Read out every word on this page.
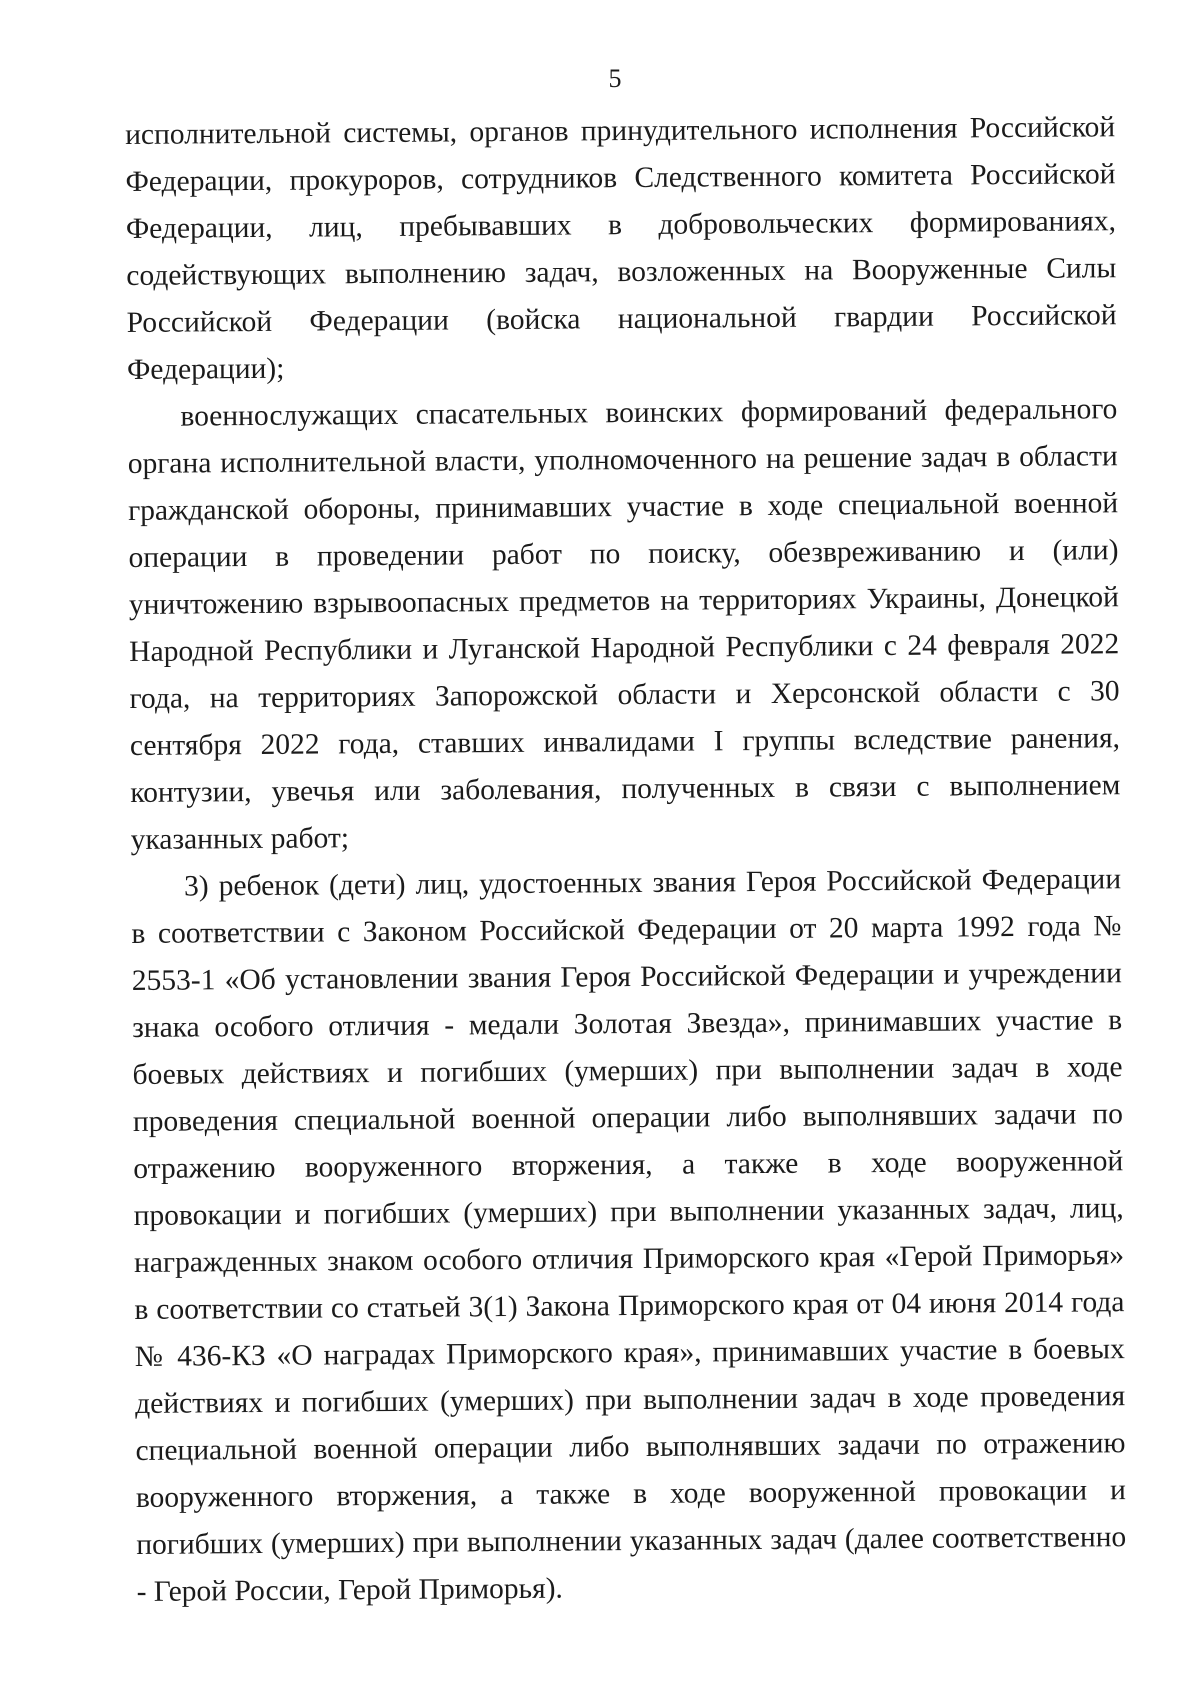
5

исполнительной системы, органов принудительного исполнения Российской Федерации, прокуроров, сотрудников Следственного комитета Российской Федерации, лиц, пребывавших в добровольческих формированиях, содействующих выполнению задач, возложенных на Вооруженные Силы Российской Федерации (войска национальной гвардии Российской Федерации);

военнослужащих спасательных воинских формирований федерального органа исполнительной власти, уполномоченного на решение задач в области гражданской обороны, принимавших участие в ходе специальной военной операции в проведении работ по поиску, обезвреживанию и (или) уничтожению взрывоопасных предметов на территориях Украины, Донецкой Народной Республики и Луганской Народной Республики с 24 февраля 2022 года, на территориях Запорожской области и Херсонской области с 30 сентября 2022 года, ставших инвалидами I группы вследствие ранения, контузии, увечья или заболевания, полученных в связи с выполнением указанных работ;

3) ребенок (дети) лиц, удостоенных звания Героя Российской Федерации в соответствии с Законом Российской Федерации от 20 марта 1992 года № 2553-1 «Об установлении звания Героя Российской Федерации и учреждении знака особого отличия - медали Золотая Звезда», принимавших участие в боевых действиях и погибших (умерших) при выполнении задач в ходе проведения специальной военной операции либо выполнявших задачи по отражению вооруженного вторжения, а также в ходе вооруженной провокации и погибших (умерших) при выполнении указанных задач, лиц, награжденных знаком особого отличия Приморского края «Герой Приморья» в соответствии со статьей 3(1) Закона Приморского края от 04 июня 2014 года № 436-КЗ «О наградах Приморского края», принимавших участие в боевых действиях и погибших (умерших) при выполнении задач в ходе проведения специальной военной операции либо выполнявших задачи по отражению вооруженного вторжения, а также в ходе вооруженной провокации и погибших (умерших) при выполнении указанных задач (далее соответственно - Герой России, Герой Приморья).
